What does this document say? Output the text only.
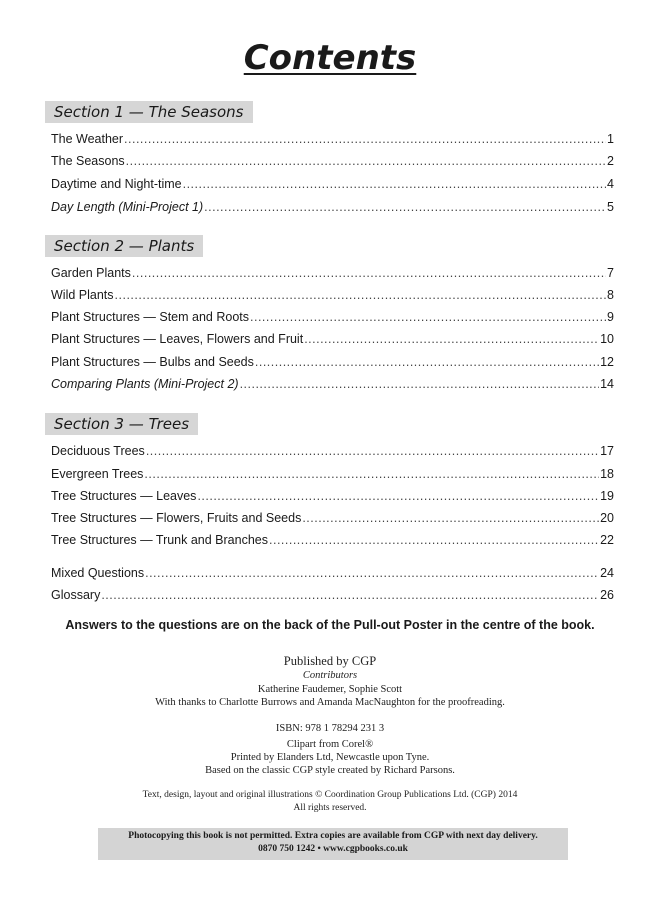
Contents
Section 1 — The Seasons
The Weather .....	1
The Seasons .....	2
Daytime and Night-time .....	4
Day Length (Mini-Project 1) .....	5
Section 2 — Plants
Garden Plants .....	7
Wild Plants .....	8
Plant Structures — Stem and Roots .....	9
Plant Structures — Leaves, Flowers and Fruit .....	10
Plant Structures — Bulbs and Seeds .....	12
Comparing Plants (Mini-Project 2) .....	14
Section 3 — Trees
Deciduous Trees .....	17
Evergreen Trees .....	18
Tree Structures — Leaves .....	19
Tree Structures — Flowers, Fruits and Seeds .....	20
Tree Structures — Trunk and Branches .....	22
Mixed Questions .....	24
Glossary .....	26
Answers to the questions are on the back of the Pull-out Poster in the centre of the book.
Published by CGP
Contributors
Katherine Faudemer, Sophie Scott
With thanks to Charlotte Burrows and Amanda MacNaughton for the proofreading.
ISBN: 978 1 78294 231 3
Clipart from Corel®
Printed by Elanders Ltd, Newcastle upon Tyne.
Based on the classic CGP style created by Richard Parsons.
Text, design, layout and original illustrations © Coordination Group Publications Ltd. (CGP) 2014
All rights reserved.
Photocopying this book is not permitted. Extra copies are available from CGP with next day delivery.
0870 750 1242 • www.cgpbooks.co.uk
